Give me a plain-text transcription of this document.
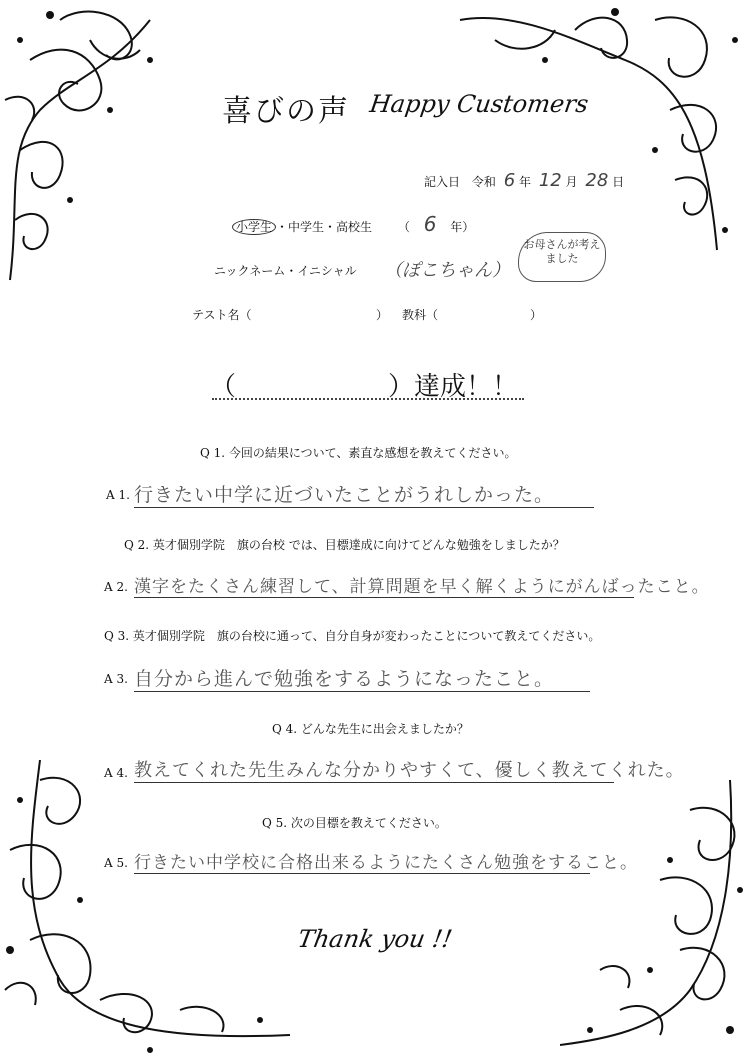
喜びの声 Happy Customers
記入日 令和 6 年 12 月 28 日
小学生 ・中学生・高校生 （ 6 年）
ニックネーム・イニシャル （ぽこちゃん）
お母さんが考えました
テスト名（	） 教科（	）
（	）達成！！
Q 1. 今回の結果について、素直な感想を教えてください。
A 1. 行きたい中学に近づいたことがうれしかった。
Q 2. 英才個別学院　旗の台校 では、目標達成に向けてどんな勉強をしましたか？
A 2. 漢字をたくさん練習して、計算問題を早く解くようにがんばったこと。
Q 3. 英才個別学院　旗の台校に通って、自分自身が変わったことについて教えてください。
A 3. 自分から進んで勉強をするようになったこと。
Q 4. どんな先生に出会えましたか？
A 4. 教えてくれた先生みんな分かりやすくて、優しく教えてくれた。
Q 5. 次の目標を教えてください。
A 5. 行きたい中学校に合格出来るようにたくさん勉強をすること。
Thank you !!
